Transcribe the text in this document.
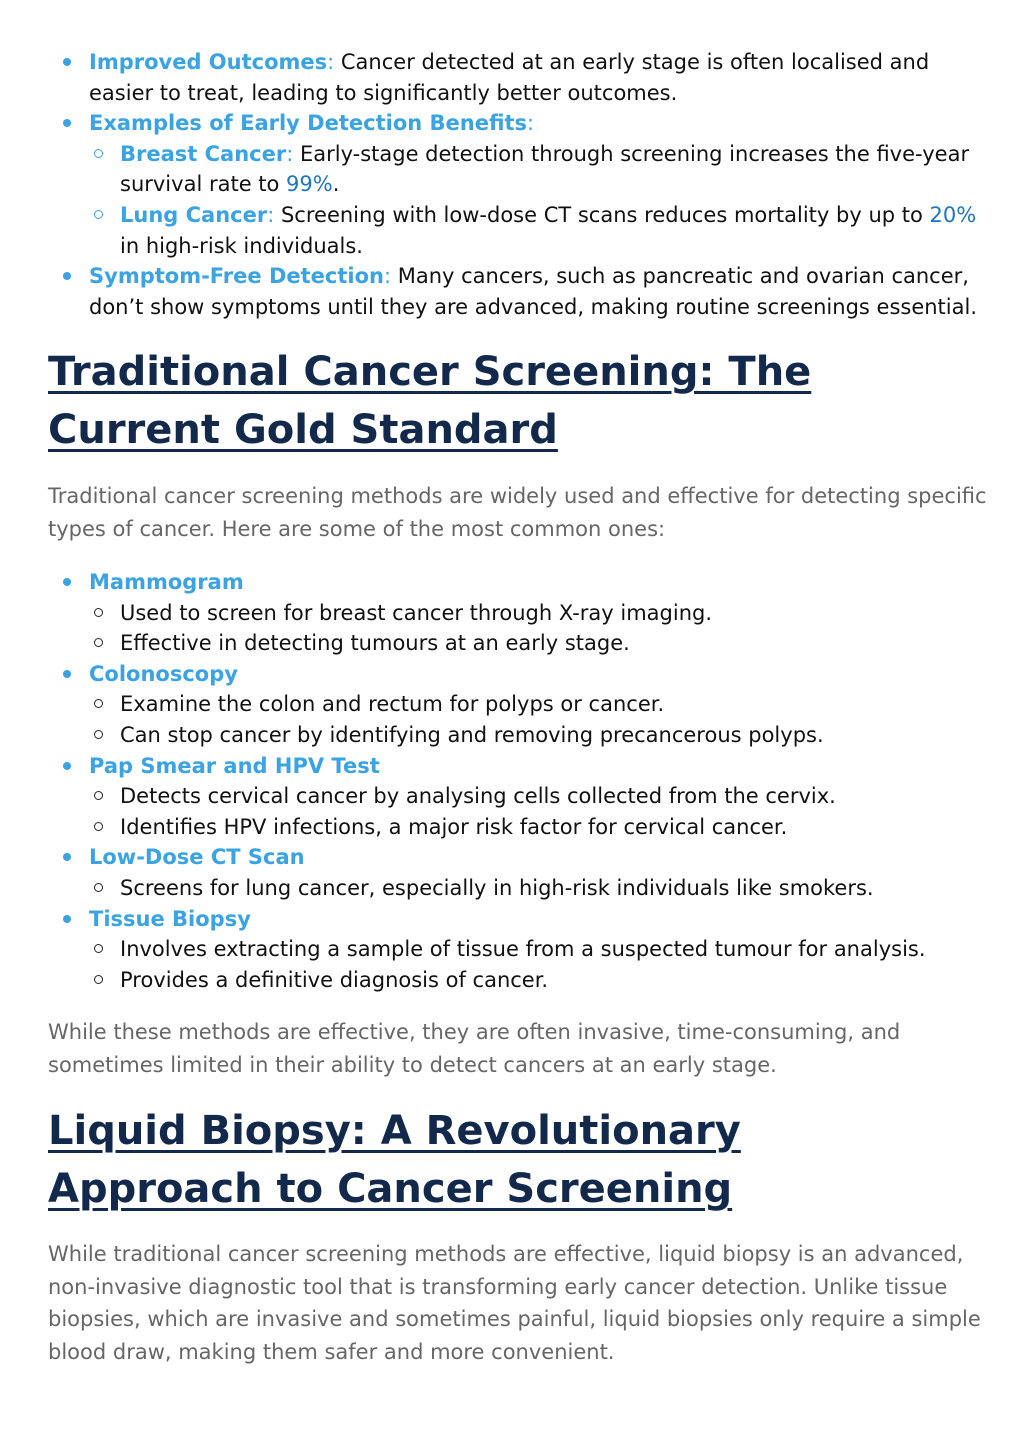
Improved Outcomes: Cancer detected at an early stage is often localised and easier to treat, leading to significantly better outcomes.
Examples of Early Detection Benefits:
Breast Cancer: Early-stage detection through screening increases the five-year survival rate to 99%.
Lung Cancer: Screening with low-dose CT scans reduces mortality by up to 20% in high-risk individuals.
Symptom-Free Detection: Many cancers, such as pancreatic and ovarian cancer, don’t show symptoms until they are advanced, making routine screenings essential.
Traditional Cancer Screening: The Current Gold Standard

Traditional cancer screening methods are widely used and effective for detecting specific types of cancer. Here are some of the most common ones:

Mammogram
Used to screen for breast cancer through X-ray imaging.
Effective in detecting tumours at an early stage.
Colonoscopy
Examine the colon and rectum for polyps or cancer.
Can stop cancer by identifying and removing precancerous polyps.
Pap Smear and HPV Test
Detects cervical cancer by analysing cells collected from the cervix.
Identifies HPV infections, a major risk factor for cervical cancer.
Low-Dose CT Scan
Screens for lung cancer, especially in high-risk individuals like smokers.
Tissue Biopsy
Involves extracting a sample of tissue from a suspected tumour for analysis.
Provides a definitive diagnosis of cancer.

While these methods are effective, they are often invasive, time-consuming, and sometimes limited in their ability to detect cancers at an early stage.

Liquid Biopsy: A Revolutionary Approach to Cancer Screening

While traditional cancer screening methods are effective, liquid biopsy is an advanced, non-invasive diagnostic tool that is transforming early cancer detection. Unlike tissue biopsies, which are invasive and sometimes painful, liquid biopsies only require a simple blood draw, making them safer and more convenient.
